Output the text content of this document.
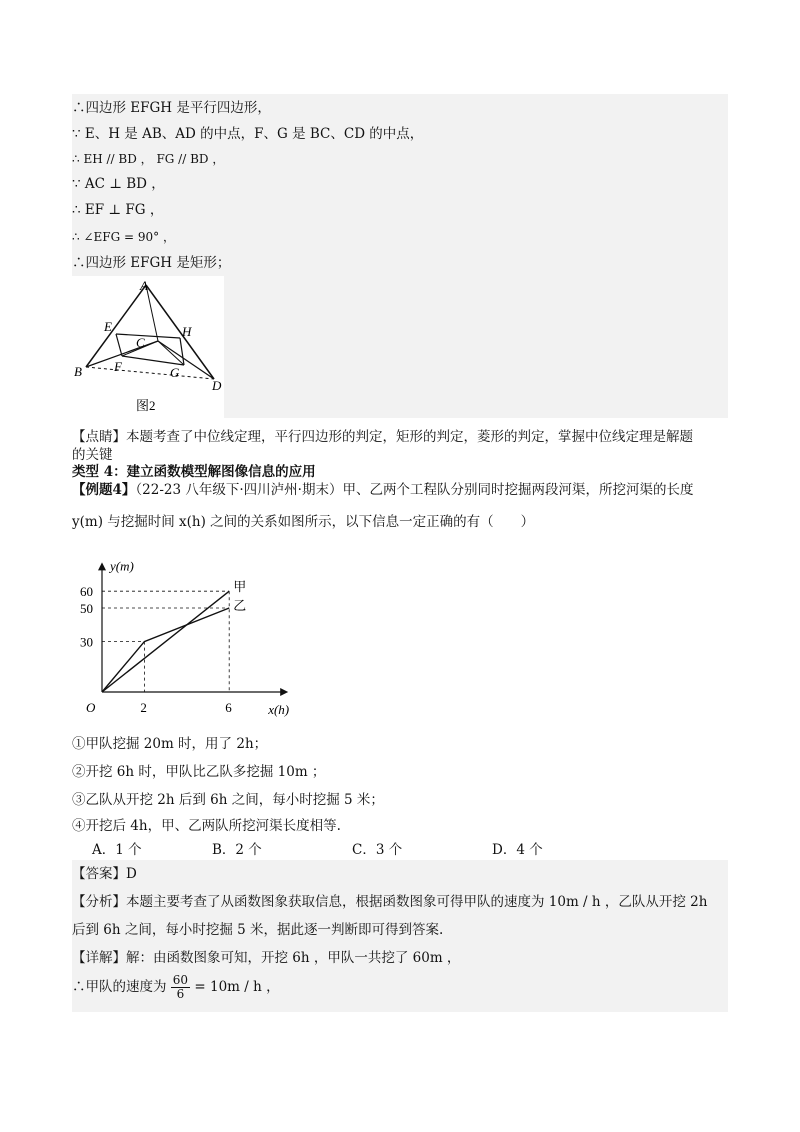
∴四边形 EFGH 是平行四边形，
∵ E、H 是 AB、AD 的中点，F、G 是 BC、CD 的中点，
∴ EH // BD ， FG // BD ，
∵ AC ⊥ BD ，
∴ EF ⊥ FG ，
∴ ∠EFG = 90° ，
∴四边形 EFGH 是矩形；
A
E	H
C
B F	G
D
图2
【点睛】本题考查了中位线定理，平行四边形的判定，矩形的判定，菱形的判定，掌握中位线定理是解题
的关键
类型 4：建立函数模型解图像信息的应用
【例题4】（22-23 八年级下·四川泸州·期末）甲、乙两个工程队分别同时挖掘两段河渠，所挖河渠的长度
y(m) 与挖掘时间 x(h) 之间的关系如图所示，以下信息一定正确的有（　　）
y(m)
x(h)
O	2	6
30
50
60	甲
乙
①甲队挖掘 20m 时，用了 2h；
②开挖 6h 时，甲队比乙队多挖掘 10m ；
③乙队从开挖 2h 后到 6h 之间，每小时挖掘 5 米；
④开挖后 4h，甲、乙两队所挖河渠长度相等.
A．1 个	B．2 个	C．3 个	D．4 个
【答案】D
【分析】本题主要考查了从函数图象获取信息，根据函数图象可得甲队的速度为 10m / h ，乙队从开挖 2h
后到 6h 之间，每小时挖掘 5 米，据此逐一判断即可得到答案.
【详解】解：由函数图象可知，开挖 6h ，甲队一共挖了 60m ，
∴甲队的速度为 $\frac{60}{6} = 10m / h$ ，
